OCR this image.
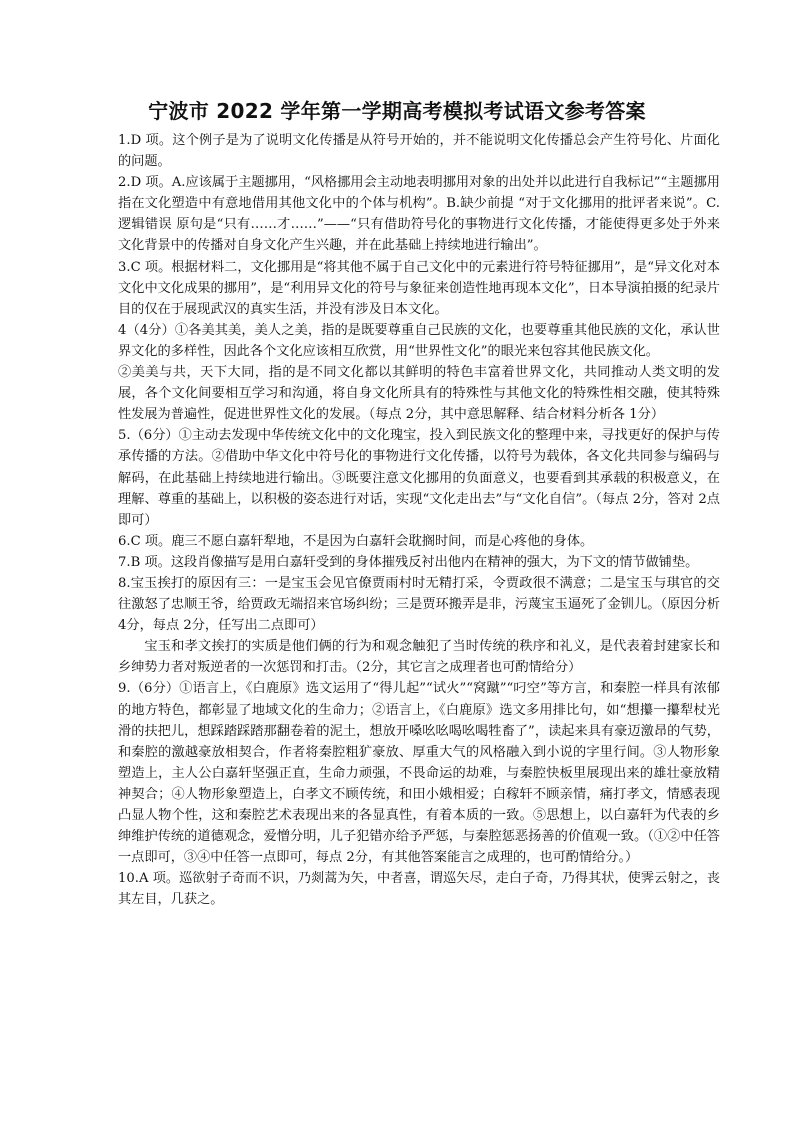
宁波市 2022 学年第一学期高考模拟考试语文参考答案

1.D 项。这个例子是为了说明文化传播是从符号开始的，并不能说明文化传播总会产生符号化、片面化的问题。

2.D 项。A.应该属于主题挪用，“风格挪用会主动地表明挪用对象的出处并以此进行自我标记”“主题挪用指在文化塑造中有意地借用其他文化中的个体与机构”。B.缺少前提 “对于文化挪用的批评者来说”。C.逻辑错误 原句是“只有……才……”——“只有借助符号化的事物进行文化传播，才能使得更多处于外来文化背景中的传播对自身文化产生兴趣，并在此基础上持续地进行输出”。

3.C 项。根据材料二，文化挪用是“将其他不属于自己文化中的元素进行符号特征挪用”，是“异文化对本文化中文化成果的挪用”，是“利用异文化的符号与象征来创造性地再现本文化”，日本导演拍摄的纪录片目的仅在于展现武汉的真实生活，并没有涉及日本文化。

4（4分）①各美其美，美人之美，指的是既要尊重自己民族的文化，也要尊重其他民族的文化，承认世界文化的多样性，因此各个文化应该相互欣赏，用“世界性文化”的眼光来包容其他民族文化。

②美美与共，天下大同，指的是不同文化都以其鲜明的特色丰富着世界文化，共同推动人类文明的发展，各个文化间要相互学习和沟通，将自身文化所具有的特殊性与其他文化的特殊性相交融，使其特殊性发展为普遍性，促进世界性文化的发展。（每点 2分，其中意思解释、结合材料分析各 1分）

5.（6分）①主动去发现中华传统文化中的文化瑰宝，投入到民族文化的整理中来，寻找更好的保护与传承传播的方法。②借助中华文化中符号化的事物进行文化传播，以符号为载体，各文化共同参与编码与解码，在此基础上持续地进行输出。③既要注意文化挪用的负面意义，也要看到其承载的积极意义，在理解、尊重的基础上，以积极的姿态进行对话，实现“文化走出去”与“文化自信”。（每点 2分，答对 2点即可）

6.C 项。鹿三不愿白嘉轩犁地，不是因为白嘉轩会耽搁时间，而是心疼他的身体。

7.B 项。这段肖像描写是用白嘉轩受到的身体摧残反衬出他内在精神的强大，为下文的情节做铺垫。

8.宝玉挨打的原因有三：一是宝玉会见官僚贾雨村时无精打采，令贾政很不满意；二是宝玉与琪官的交往激怒了忠顺王爷，给贾政无端招来官场纠纷；三是贾环搬弄是非，污蔑宝玉逼死了金钏儿。（原因分析 4分，每点 2分，任写出二点即可）

宝玉和孝文挨打的实质是他们俩的行为和观念触犯了当时传统的秩序和礼义，是代表着封建家长和乡绅势力者对叛逆者的一次惩罚和打击。（2分，其它言之成理者也可酌情给分）

9.（6分）①语言上，《白鹿原》选文运用了“得儿起”“试火”“窝蹴”“叼空”等方言，和秦腔一样具有浓郁的地方特色，都彰显了地域文化的生命力；②语言上，《白鹿原》选文多用排比句，如“想攥一攥犁杖光滑的扶把儿，想踩踏踩踏那翻卷着的泥土，想放开嗓吆吆喝吆喝牲畜了”，读起来具有豪迈激昂的气势，和秦腔的激越豪放相契合，作者将秦腔粗犷豪放、厚重大气的风格融入到小说的字里行间。③人物形象塑造上，主人公白嘉轩坚强正直，生命力顽强，不畏命运的劫难，与秦腔快板里展现出来的雄壮豪放精神契合；④人物形象塑造上，白孝文不顾传统，和田小娥相爱；白稼轩不顾亲情，痛打孝文，情感表现凸显人物个性，这和秦腔艺术表现出来的各显真性，有着本质的一致。⑤思想上，以白嘉轩为代表的乡绅维护传统的道德观念，爱憎分明，儿子犯错亦给予严惩，与秦腔惩恶扬善的价值观一致。（①②中任答一点即可，③④中任答一点即可，每点 2分，有其他答案能言之成理的，也可酌情给分。）

10.A 项。巡欲射子奇而不识，乃剡蒿为矢，中者喜，谓巡矢尽，走白子奇，乃得其状，使霁云射之，丧其左目，几获之。
